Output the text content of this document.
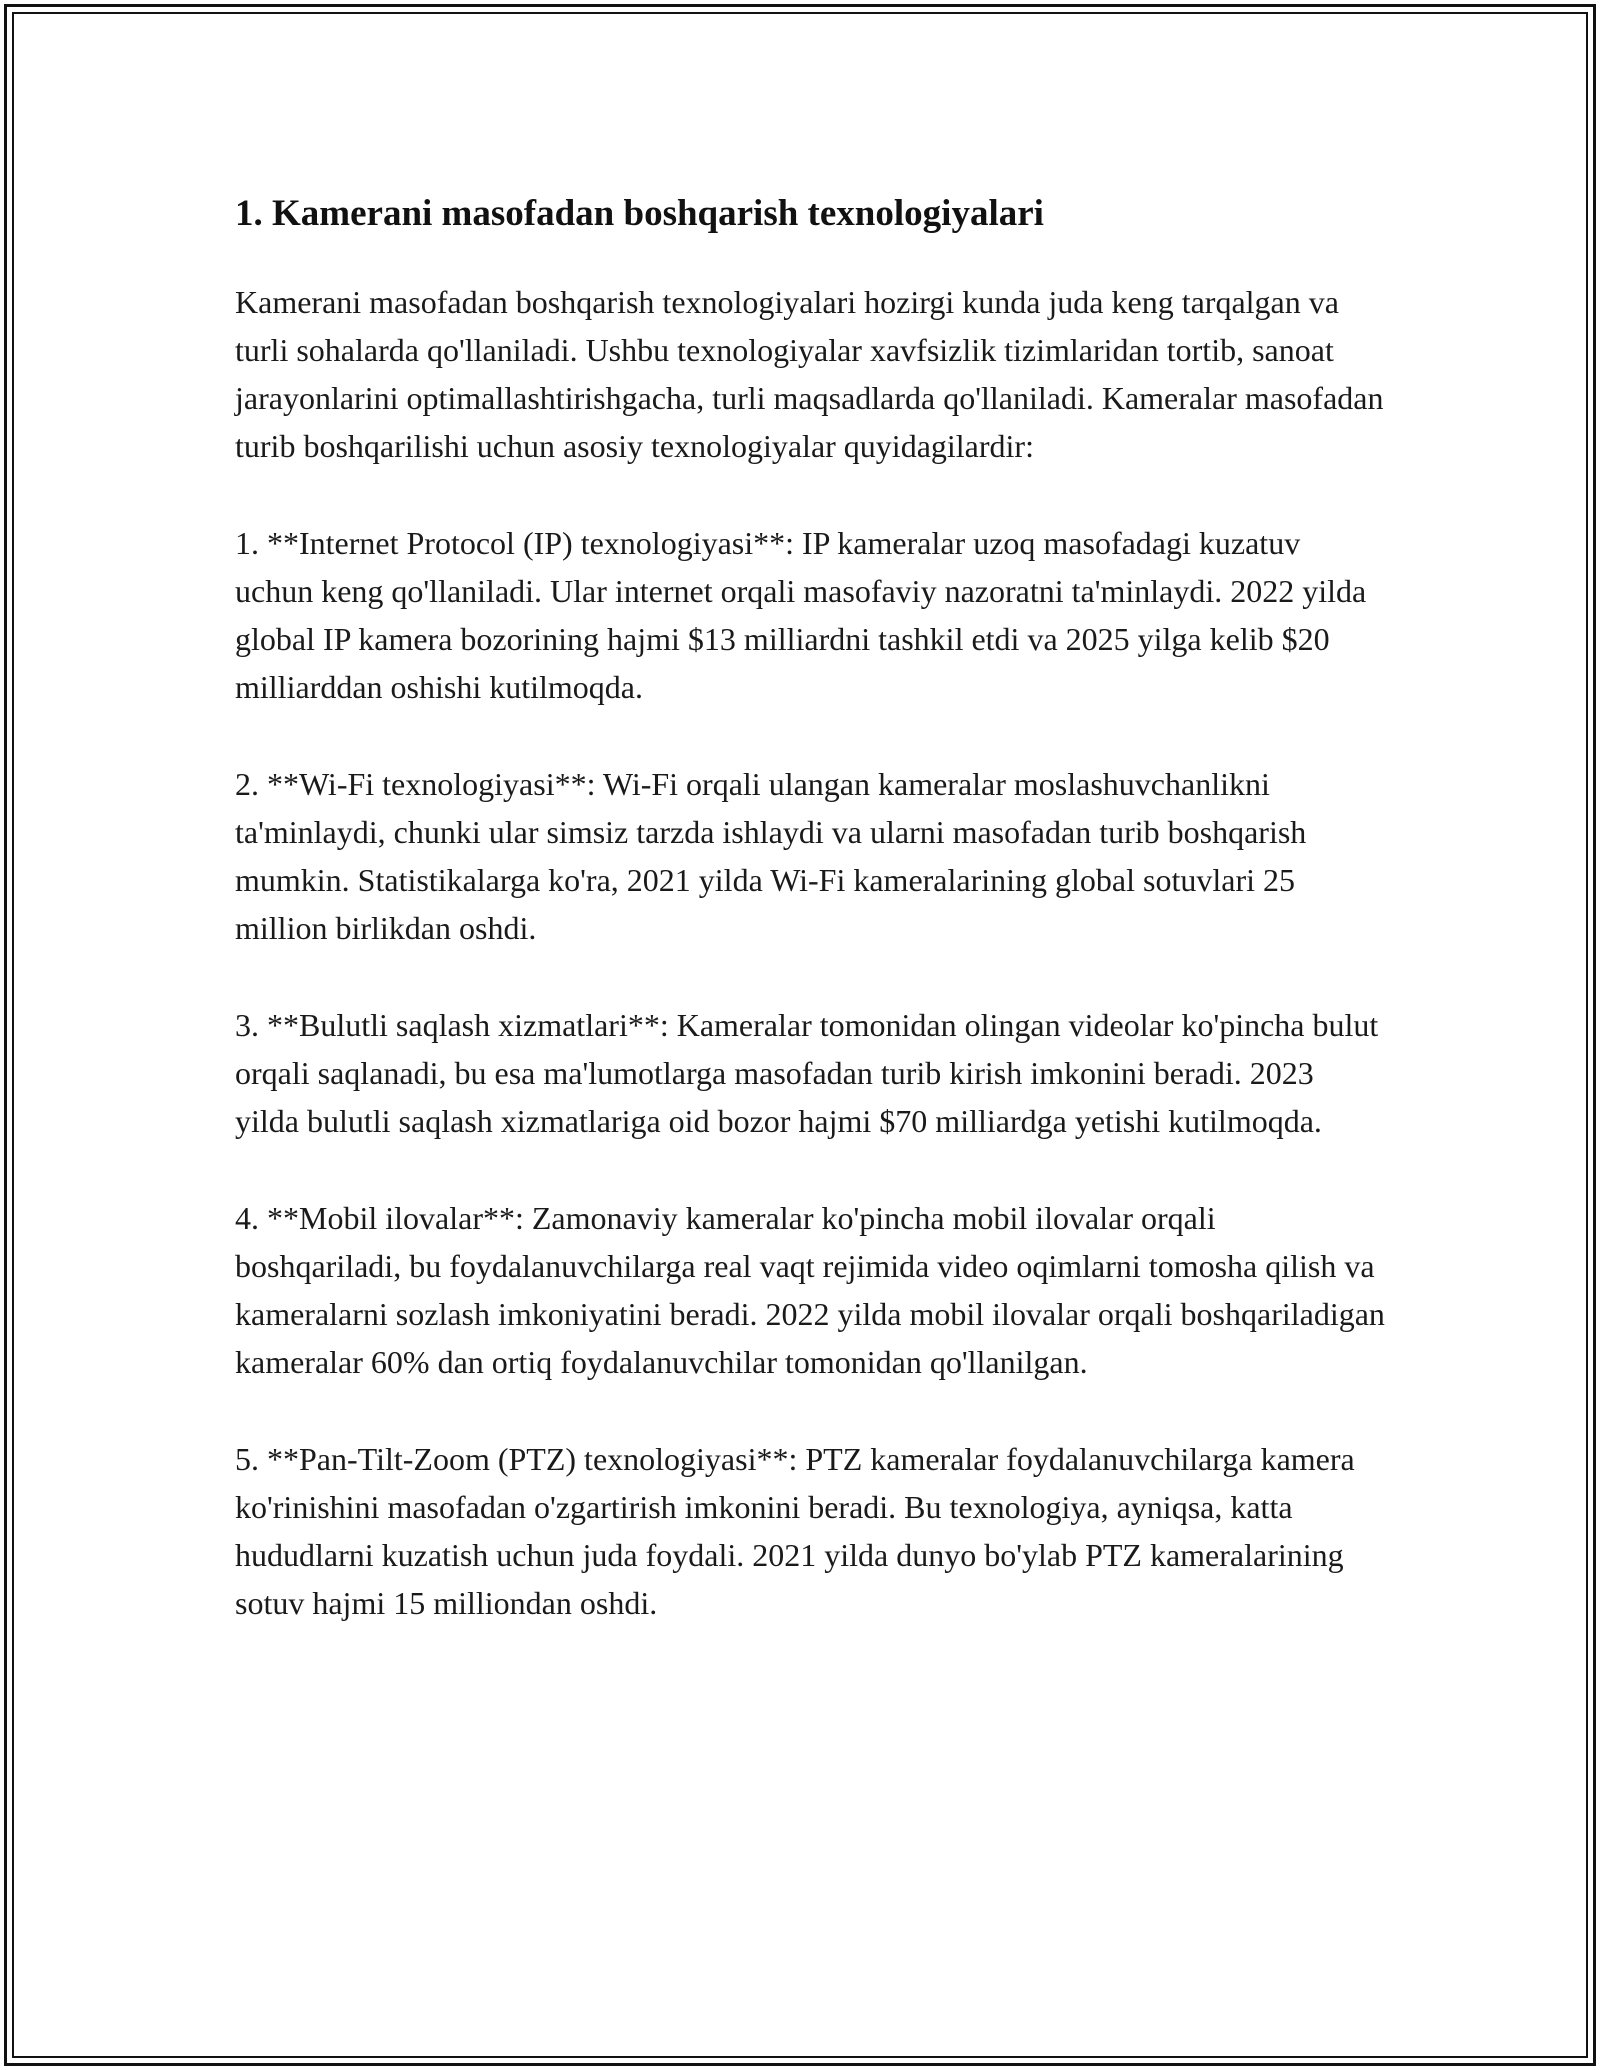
1. Kamerani masofadan boshqarish texnologiyalari

Kamerani masofadan boshqarish texnologiyalari hozirgi kunda juda keng tarqalgan va turli sohalarda qo'llaniladi. Ushbu texnologiyalar xavfsizlik tizimlaridan tortib, sanoat jarayonlarini optimallashtirishgacha, turli maqsadlarda qo'llaniladi. Kameralar masofadan turib boshqarilishi uchun asosiy texnologiyalar quyidagilardir:

1. **Internet Protocol (IP) texnologiyasi**: IP kameralar uzoq masofadagi kuzatuv uchun keng qo'llaniladi. Ular internet orqali masofaviy nazoratni ta'minlaydi. 2022 yilda global IP kamera bozorining hajmi $13 milliardni tashkil etdi va 2025 yilga kelib $20 milliarddan oshishi kutilmoqda.

2. **Wi-Fi texnologiyasi**: Wi-Fi orqali ulangan kameralar moslashuvchanlikni ta'minlaydi, chunki ular simsiz tarzda ishlaydi va ularni masofadan turib boshqarish mumkin. Statistikalarga ko'ra, 2021 yilda Wi-Fi kameralarining global sotuvlari 25 million birlikdan oshdi.

3. **Bulutli saqlash xizmatlari**: Kameralar tomonidan olingan videolar ko'pincha bulut orqali saqlanadi, bu esa ma'lumotlarga masofadan turib kirish imkonini beradi. 2023 yilda bulutli saqlash xizmatlariga oid bozor hajmi $70 milliardga yetishi kutilmoqda.

4. **Mobil ilovalar**: Zamonaviy kameralar ko'pincha mobil ilovalar orqali boshqariladi, bu foydalanuvchilarga real vaqt rejimida video oqimlarni tomosha qilish va kameralarni sozlash imkoniyatini beradi. 2022 yilda mobil ilovalar orqali boshqariladigan kameralar 60% dan ortiq foydalanuvchilar tomonidan qo'llanilgan.

5. **Pan-Tilt-Zoom (PTZ) texnologiyasi**: PTZ kameralar foydalanuvchilarga kamera ko'rinishini masofadan o'zgartirish imkonini beradi. Bu texnologiya, ayniqsa, katta hududlarni kuzatish uchun juda foydali. 2021 yilda dunyo bo'ylab PTZ kameralarining sotuv hajmi 15 milliondan oshdi.
